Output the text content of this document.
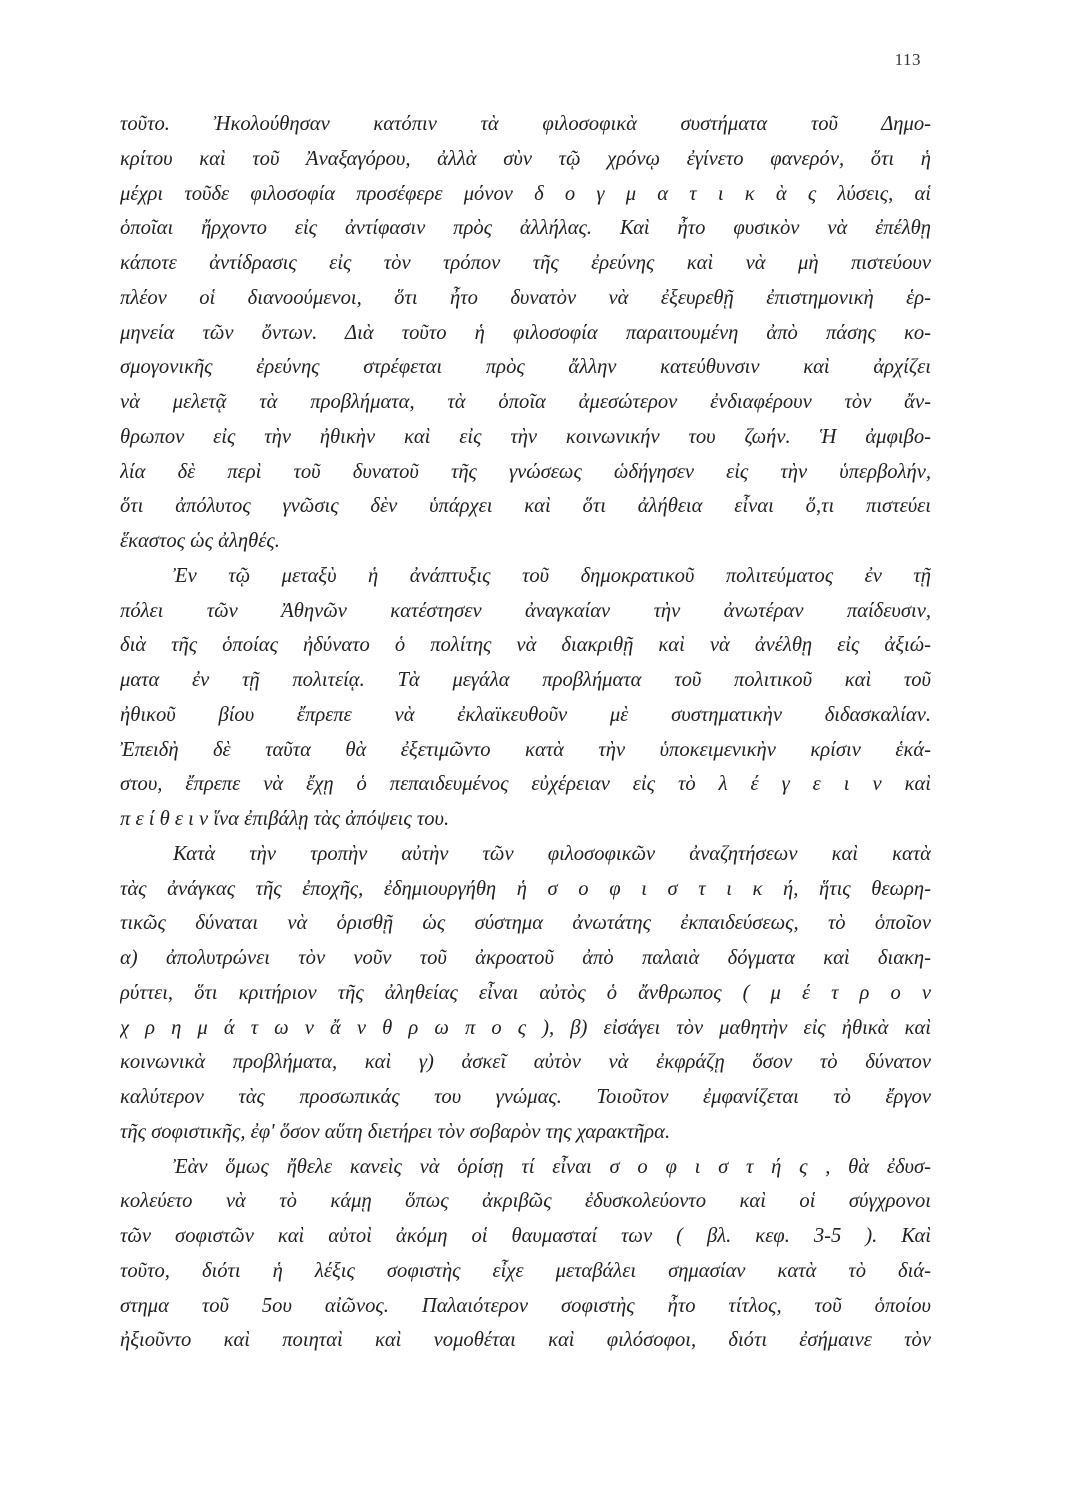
113
τοῦτο. Ἠκολούθησαν κατόπιν τὰ φιλοσοφικὰ συστήματα τοῦ Δημο-
κρίτου καὶ τοῦ Ἀναξαγόρου, ἀλλὰ σὺν τῷ χρόνῳ ἐγίνετο φανερόν, ὅτι ἡ
μέχρι τοῦδε φιλοσοφία προσέφερε μόνον δ ο γ μ α τ ι κ ὰ ς λύσεις, αἱ
ὁποῖαι ἤρχοντο εἰς ἀντίφασιν πρὸς ἀλλήλας. Καὶ ἦτο φυσικὸν νὰ ἐπέλθῃ
κάποτε ἀντίδρασις εἰς τὸν τρόπον τῆς ἐρεύνης καὶ νὰ μὴ πιστεύουν
πλέον οἱ διανοούμενοι, ὅτι ἦτο δυνατὸν νὰ ἐξευρεθῇ ἐπιστημονικὴ ἑρ-
μηνεία τῶν ὄντων. Διὰ τοῦτο ἡ φιλοσοφία παραιτουμένη ἀπὸ πάσης κο-
σμογονικῆς ἐρεύνης στρέφεται πρὸς ἄλλην κατεύθυνσιν καὶ ἀρχίζει
νὰ μελετᾷ τὰ προβλήματα, τὰ ὁποῖα ἀμεσώτερον ἐνδιαφέρουν τὸν ἄν-
θρωπον εἰς τὴν ἠθικὴν καὶ εἰς τὴν κοινωνικήν του ζωήν. Ἡ ἀμφιβο-
λία δὲ περὶ τοῦ δυνατοῦ τῆς γνώσεως ὡδήγησεν εἰς τὴν ὑπερβολήν,
ὅτι ἀπόλυτος γνῶσις δὲν ὑπάρχει καὶ ὅτι ἀλήθεια εἶναι ὅ,τι πιστεύει
ἕκαστος ὡς ἀληθές.
Ἐν τῷ μεταξὺ ἡ ἀνάπτυξις τοῦ δημοκρατικοῦ πολιτεύματος ἐν τῇ
πόλει τῶν Ἀθηνῶν κατέστησεν ἀναγκαίαν τὴν ἀνωτέραν παίδευσιν,
διὰ τῆς ὁποίας ἠδύνατο ὁ πολίτης νὰ διακριθῇ καὶ νὰ ἀνέλθῃ εἰς ἀξιώ-
ματα ἐν τῇ πολιτείᾳ. Τὰ μεγάλα προβλήματα τοῦ πολιτικοῦ καὶ τοῦ
ἠθικοῦ βίου ἔπρεπε νὰ ἐκλαϊκευθοῦν μὲ συστηματικὴν διδασκαλίαν.
Ἐπειδὴ δὲ ταῦτα θὰ ἐξετιμῶντο κατὰ τὴν ὑποκειμενικὴν κρίσιν ἑκά-
στου, ἔπρεπε νὰ ἔχῃ ὁ πεπαιδευμένος εὐχέρειαν εἰς τὸ λ έ γ ε ι ν καὶ
π ε ί θ ε ι ν ἵνα ἐπιβάλῃ τὰς ἀπόψεις του.
Κατὰ τὴν τροπὴν αὐτὴν τῶν φιλοσοφικῶν ἀναζητήσεων καὶ κατὰ
τὰς ἀνάγκας τῆς ἐποχῆς, ἐδημιουργήθη ἡ σ ο φ ι σ τ ι κ ή, ἥτις θεωρη-
τικῶς δύναται νὰ ὁρισθῇ ὡς σύστημα ἀνωτάτης ἐκπαιδεύσεως, τὸ ὁποῖον
α) ἀπολυτρώνει τὸν νοῦν τοῦ ἀκροατοῦ ἀπὸ παλαιὰ δόγματα καὶ διακη-
ρύττει, ὅτι κριτήριον τῆς ἀληθείας εἶναι αὐτὸς ὁ ἄνθρωπος ( μ έ τ ρ ο ν
χ ρ η μ ά τ ω ν ἄ ν θ ρ ω π ο ς ), β) εἰσάγει τὸν μαθητὴν εἰς ἠθικὰ καὶ
κοινωνικὰ προβλήματα, καὶ γ) ἀσκεῖ αὐτὸν νὰ ἐκφράζῃ ὅσον τὸ δύνατον
καλύτερον τὰς προσωπικάς του γνώμας. Τοιοῦτον ἐμφανίζεται τὸ ἔργον
τῆς σοφιστικῆς, ἐφ' ὅσον αὕτη διετήρει τὸν σοβαρὸν της χαρακτῆρα.
Ἐὰν ὅμως ἤθελε κανεὶς νὰ ὁρίσῃ τί εἶναι σ ο φ ι σ τ ή ς , θὰ ἐδυσ-
κολεύετο νὰ τὸ κάμῃ ὅπως ἀκριβῶς ἐδυσκολεύοντο καὶ οἱ σύγχρονοι
τῶν σοφιστῶν καὶ αὐτοὶ ἀκόμη οἱ θαυμασταί των ( βλ. κεφ. 3-5 ). Καὶ
τοῦτο, διότι ἡ λέξις σοφιστὴς εἶχε μεταβάλει σημασίαν κατὰ τὸ διά-
στημα τοῦ 5ου αἰῶνος. Παλαιότερον σοφιστὴς ἦτο τίτλος, τοῦ ὁποίου
ἠξιοῦντο καὶ ποιηταὶ καὶ νομοθέται καὶ φιλόσοφοι, διότι ἐσήμαινε τὸν
